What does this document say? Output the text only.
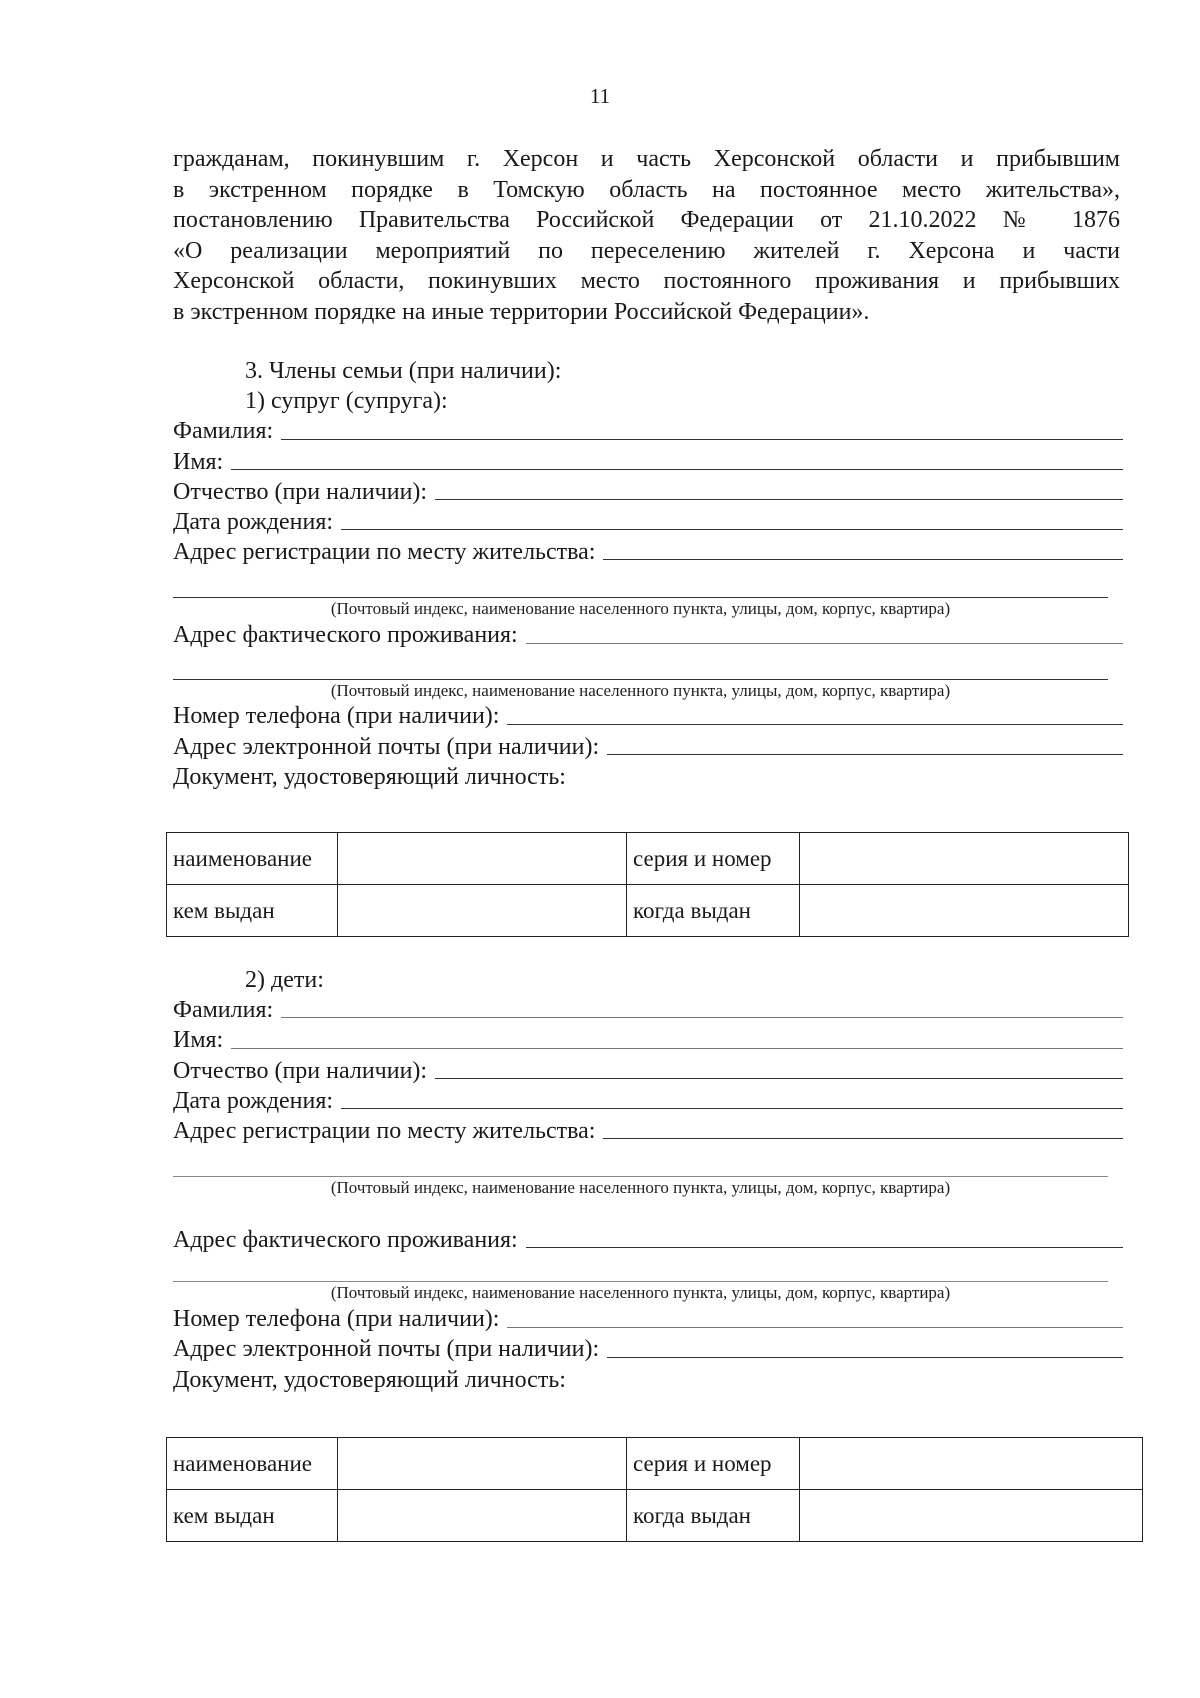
11
гражданам, покинувшим г. Херсон и часть Херсонской области и прибывшим
в экстренном порядке в Томскую область на постоянное место жительства»,
постановлению Правительства Российской Федерации от 21.10.2022 № 1876
«О реализации мероприятий по переселению жителей г. Херсона и части
Херсонской области, покинувших место постоянного проживания и прибывших
в экстренном порядке на иные территории Российской Федерации».
3. Члены семьи (при наличии):
1) супруг (супруга):
Фамилия:
Имя:
Отчество (при наличии):
Дата рождения:
Адрес регистрации по месту жительства:
(Почтовый индекс, наименование населенного пункта, улицы, дом, корпус, квартира)
Адрес фактического проживания:
(Почтовый индекс, наименование населенного пункта, улицы, дом, корпус, квартира)
Номер телефона (при наличии):
Адрес электронной почты (при наличии):
Документ, удостоверяющий личность:
наименование		серия и номер	
кем выдан		когда выдан	
2) дети:
Фамилия:
Имя:
Отчество (при наличии):
Дата рождения:
Адрес регистрации по месту жительства:
(Почтовый индекс, наименование населенного пункта, улицы, дом, корпус, квартира)
Адрес фактического проживания:
(Почтовый индекс, наименование населенного пункта, улицы, дом, корпус, квартира)
Номер телефона (при наличии):
Адрес электронной почты (при наличии):
Документ, удостоверяющий личность:
наименование		серия и номер	
кем выдан		когда выдан	
